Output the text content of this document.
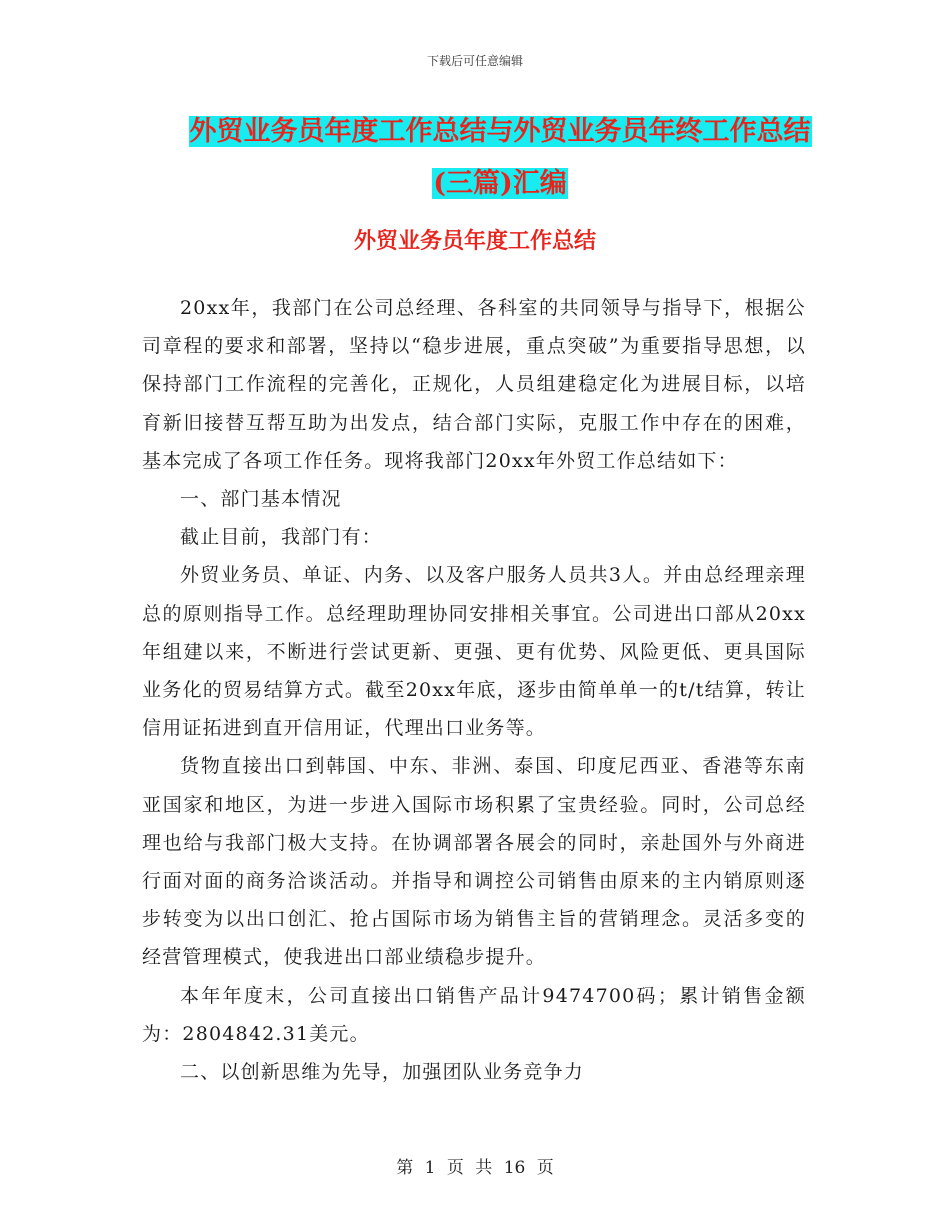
下载后可任意编辑
外贸业务员年度工作总结与外贸业务员年终工作总结
(三篇)汇编
外贸业务员年度工作总结

20xx年，我部门在公司总经理、各科室的共同领导与指导下，根据公司章程的要求和部署，坚持以“稳步进展，重点突破”为重要指导思想，以保持部门工作流程的完善化，正规化，人员组建稳定化为进展目标，以培育新旧接替互帮互助为出发点，结合部门实际，克服工作中存在的困难，基本完成了各项工作任务。现将我部门20xx年外贸工作总结如下：

一、部门基本情况

截止目前，我部门有：

外贸业务员、单证、内务、以及客户服务人员共3人。并由总经理亲理总的原则指导工作。总经理助理协同安排相关事宜。公司进出口部从20xx年组建以来，不断进行尝试更新、更强、更有优势、风险更低、更具国际业务化的贸易结算方式。截至20xx年底，逐步由简单单一的t/t结算，转让信用证拓进到直开信用证，代理出口业务等。

货物直接出口到韩国、中东、非洲、泰国、印度尼西亚、香港等东南亚国家和地区，为进一步进入国际市场积累了宝贵经验。同时，公司总经理也给与我部门极大支持。在协调部署各展会的同时，亲赴国外与外商进行面对面的商务洽谈活动。并指导和调控公司销售由原来的主内销原则逐步转变为以出口创汇、抢占国际市场为销售主旨的营销理念。灵活多变的经营管理模式，使我进出口部业绩稳步提升。

本年年度末，公司直接出口销售产品计9474700码；累计销售金额为：2804842.31美元。

二、以创新思维为先导，加强团队业务竞争力

第 1 页 共 16 页
